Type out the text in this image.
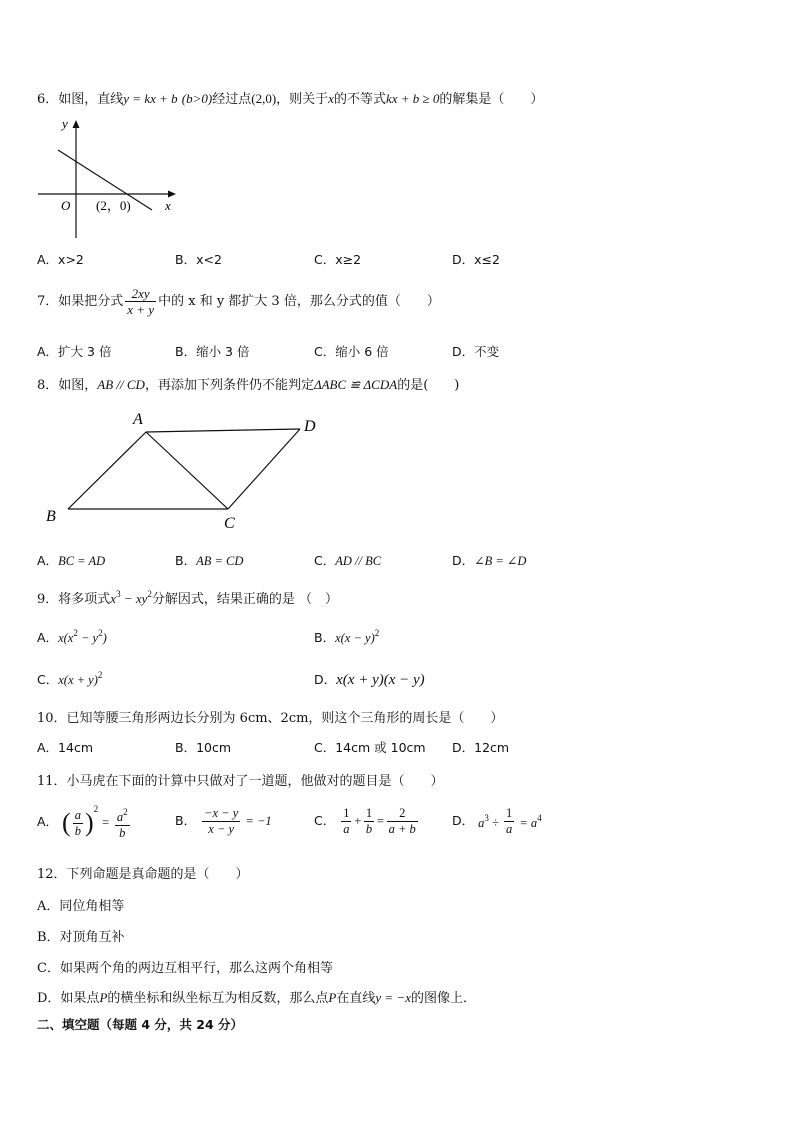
6．如图，直线y = kx + b (b>0)经过点(2,0)，则关于x的不等式kx + b ≥ 0的解集是（　　）
y
x
O (2，0)
A．x>2	B．x<2	C．x≥2	D．x≤2
7．如果把分式 $\frac{2xy}{x + y}$ 中的 x 和 y 都扩大 3 倍，那么分式的值（　　）
A．扩大 3 倍	B．缩小 3 倍	C．缩小 6 倍	D．不变
8．如图，AB // CD，再添加下列条件仍不能判定ΔABC ≌ ΔCDA的是(　　)
A	D
B	C
A．BC = AD	B．AB = CD	C．AD // BC	D．∠B = ∠D
9．将多项式$x^3 - xy^2$分解因式，结果正确的是 （　）
A．$x(x^2 - y^2)$	B．$x(x - y)^2$
C．$x(x + y)^2$	D．x(x + y)(x − y)
10．已知等腰三角形两边长分别为 6cm、2cm，则这个三角形的周长是（　　）
A．14cm	B．10cm	C．14cm 或 10cm D．12cm
11．小马虎在下面的计算中只做对了一道题，他做对的题目是（　　）
A． ( $\frac{a}{b} )^2 = \frac{a^2}{b}$	B． $\frac{-x - y}{x - y} = -1$	C． $\frac{1}{a} + \frac{1}{b} = \frac{2}{a + b}$	D． $a^3 \div \frac{1}{a} = a^4$
12．下列命题是真命题的是（　　）
A．同位角相等
B．对顶角互补
C．如果两个角的两边互相平行，那么这两个角相等
D．如果点P的横坐标和纵坐标互为相反数，那么点P在直线y = −x的图像上．
二、填空题（每题 4 分，共 24 分）
